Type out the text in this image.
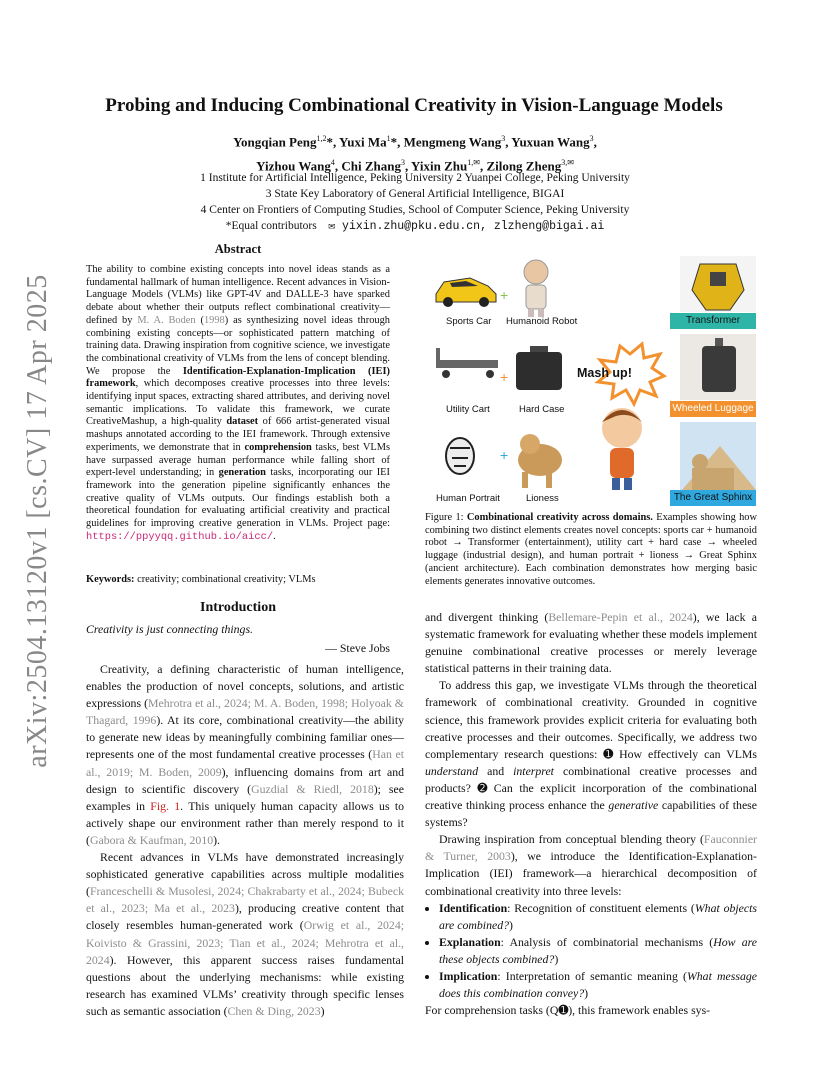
arXiv:2504.13120v1 [cs.CV] 17 Apr 2025
Probing and Inducing Combinational Creativity in Vision-Language Models
Yongqian Peng$^{1,2}$*, Yuxi Ma$^1$*, Mengmeng Wang$^3$, Yuxuan Wang$^3$,
Yizhou Wang$^4$, Chi Zhang$^3$, Yixin Zhu$^{1,✉}$, Zilong Zheng$^{3,✉}$
1 Institute for Artificial Intelligence, Peking University 2 Yuanpei College, Peking University
3 State Key Laboratory of General Artificial Intelligence, BIGAI
4 Center on Frontiers of Computing Studies, School of Computer Science, Peking University
*Equal contributors ✉ yixin.zhu@pku.edu.cn, zlzheng@bigai.ai
Abstract
The ability to combine existing concepts into novel ideas stands as a fundamental hallmark of human intelligence. Recent advances in Vision-Language Models (VLMs) like GPT-4V and DALLE-3 have sparked debate about whether their outputs reflect combinational creativity—defined by M. A. Boden (1998) as synthesizing novel ideas through combining existing concepts—or sophisticated pattern matching of training data. Drawing inspiration from cognitive science, we investigate the combinational creativity of VLMs from the lens of concept blending. We propose the Identification-Explanation-Implication (IEI) framework, which decomposes creative processes into three levels: identifying input spaces, extracting shared attributes, and deriving novel semantic implications. To validate this framework, we curate CreativeMashup, a high-quality dataset of 666 artist-generated visual mashups annotated according to the IEI framework. Through extensive experiments, we demonstrate that in comprehension tasks, best VLMs have surpassed average human performance while falling short of expert-level understanding; in generation tasks, incorporating our IEI framework into the generation pipeline significantly enhances the creative quality of VLMs outputs. Our findings establish both a theoretical foundation for evaluating artificial creativity and practical guidelines for improving creative generation in VLMs. Project page: https://ppyyqq.github.io/aicc/.
Keywords: creativity; combinational creativity; VLMs
Introduction
Creativity is just connecting things.
— Steve Jobs

Creativity, a defining characteristic of human intelligence, enables the production of novel concepts, solutions, and artistic expressions (Mehrotra et al., 2024; M. A. Boden, 1998; Holyoak & Thagard, 1996). At its core, combinational creativity—the ability to generate new ideas by meaningfully combining familiar ones—represents one of the most fundamental creative processes (Han et al., 2019; M. Boden, 2009), influencing domains from art and design to scientific discovery (Guzdial & Riedl, 2018); see examples in Fig. 1. This uniquely human capacity allows us to actively shape our environment rather than merely respond to it (Gabora & Kaufman, 2010).

Recent advances in VLMs have demonstrated increasingly sophisticated generative capabilities across multiple modalities (Franceschelli & Musolesi, 2024; Chakrabarty et al., 2024; Bubeck et al., 2023; Ma et al., 2023), producing creative content that closely resembles human-generated work (Orwig et al., 2024; Koivisto & Grassini, 2023; Tian et al., 2024; Mehrotra et al., 2024). However, this apparent success raises fundamental questions about the underlying mechanisms: while existing research has examined VLMs’ creativity through specific lenses such as semantic association (Chen & Ding, 2023)

+
+
+
Sports Car Humanoid Robot	Transformer
Mash up!
Utility Cart	Hard Case	Wheeled Luggage
Human Portrait	Lioness	The Great Sphinx
Figure 1: Combinational creativity across domains. Examples showing how combining two distinct elements creates novel concepts: sports car + humanoid robot → Transformer (entertainment), utility cart + hard case → wheeled luggage (industrial design), and human portrait + lioness → Great Sphinx (ancient architecture). Each combination demonstrates how merging basic elements generates innovative outcomes.

and divergent thinking (Bellemare-Pepin et al., 2024), we lack a systematic framework for evaluating whether these models implement genuine combinational creative processes or merely leverage statistical patterns in their training data.

To address this gap, we investigate VLMs through the theoretical framework of combinational creativity. Grounded in cognitive science, this framework provides explicit criteria for evaluating both creative processes and their outcomes. Specifically, we address two complementary research questions: ➊ How effectively can VLMs understand and interpret combinational creative processes and products? ➋ Can the explicit incorporation of the combinational creative thinking process enhance the generative capabilities of these systems?

Drawing inspiration from conceptual blending theory (Fauconnier & Turner, 2003), we introduce the Identification-Explanation-Implication (IEI) framework—a hierarchical decomposition of combinational creativity into three levels:

• Identification: Recognition of constituent elements (What objects are combined?)
• Explanation: Analysis of combinatorial mechanisms (How are these objects combined?)
• Implication: Interpretation of semantic meaning (What message does this combination convey?)

For comprehension tasks (Q➊), this framework enables sys-
